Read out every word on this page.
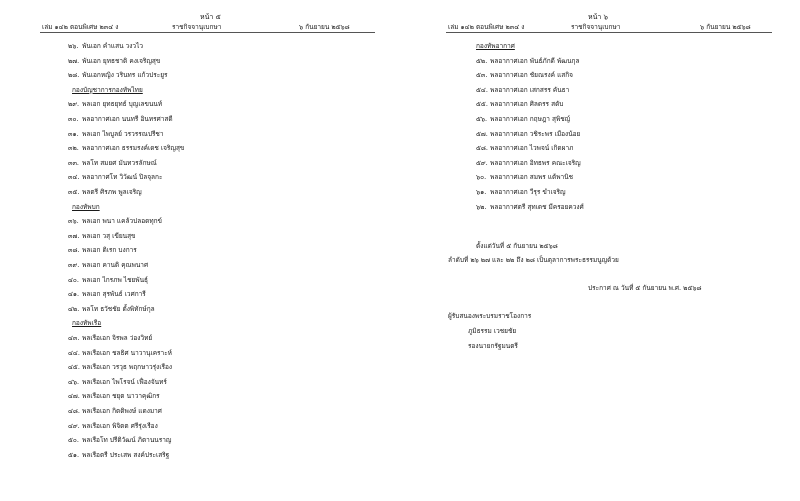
หน้า ๕
เล่ม ๑๔๒ ตอนพิเศษ ๒๓๔ ง	ราชกิจจานุเบกษา	๖ กันยายน ๒๕๖๘
๒๖. พันเอก คำแสน วงวไว
๒๗. พันเอก ยุทธชาติ คงเจริญสุข
๒๘. พันเอกหญิง วรินทร แก้วประยูร
กองบัญชาการกองทัพไทย
๒๙. พลเอก ยุทธยุทธ์ บุญเลขนนท์
๓๐. พลอากาศเอก นนทรี อินทรศาสดี
๓๑. พลเอก ไพบูลย์ วรวรรณปรีชา
๓๒. พลอากาศเอก ธรรมรงค์เดช เจริญสุข
๓๓. พลโท สมยศ มันทวรลักษณ์
๓๔. พลอากาศโท วิวัฒน์ ปิลจุลกะ
๓๕. พลตรี ศิรภพ พูลเจริญ
กองทัพบก
๓๖. พลเอก พนา แคล้วปลอดทุกข์
๓๗. พลเอก วสุ เขียนสุข
๓๘. พลเอก ติเรก บงการ
๓๙. พลเอก คานติ คุณพนาศ
๔๐. พลเอก ไกรภพ ไชยพันธุ์
๔๑. พลเอก สุรพันธ์ เวศการี
๔๒. พลโท ธวัชชัย ตั้งพิทักษ์กุล
กองทัพเรือ
๔๓. พลเรือเอก จิรพล ว่องวิทย์
๔๔. พลเรือเอก ชลธิศ นาวานุเคราะห์
๔๕. พลเรือเอก วรวุธ พฤกษาวรุ่งเรือง
๔๖. พลเรือเอก ไพโรจน์ เฟื่องจันทร์
๔๗. พลเรือเอก ชยุต นาวาคุฒิกร
๔๘. พลเรือเอก กิตติพงษ์ แดงมาศ
๔๙. พลเรือเอก พิจิตต ศรีรุ่งเรือง
๕๐. พลเรือโท ปรีติวัฒน์ ภิตานนราญ
๕๑. พลเรือตรี ประเสพ สงค์ประเสริฐ
หน้า ๖
เล่ม ๑๔๒ ตอนพิเศษ ๒๓๔ ง	ราชกิจจานุเบกษา	๖ กันยายน ๒๕๖๘
กองทัพอากาศ
๕๒. พลอากาศเอก พันธ์ภักดี พัฒนกุล
๕๓. พลอากาศเอก ชัยณรงค์ แสกิจ
๕๔. พลอากาศเอก เสกสรร คันธา
๕๕. พลอากาศเอก ศิลดรร สดับ
๕๖. พลอากาศเอก กฤษฎา สุพิชญ์
๕๗. พลอากาศเอก วชิระพร เมืองน้อย
๕๘. พลอากาศเอก ไวพจน์ เกิดผาภ
๕๙. พลอากาศเอก อิทธพร คณะเจริญ
๖๐. พลอากาศเอก สมพร แต้พานิช
๖๑. พลอากาศเอก วีรุร ขำเจริญ
๖๒. พลอากาศตรี สุทเดช มีครอยควงศ์
ตั้งแต่วันที่ ๕ กันยายน ๒๕๖๘
ลำดับที่ ๒๖ ๒๗ และ ๒๒ ถึง ๒๘ เป็นตุลาการพระธรรมนูญด้วย
ประกาศ ณ วันที่ ๕ กันยายน พ.ศ. ๒๕๖๘
ผู้รับสนองพระบรมราชโองการ
ภูมิธรรม เวชยชัย
รองนายกรัฐมนตรี
